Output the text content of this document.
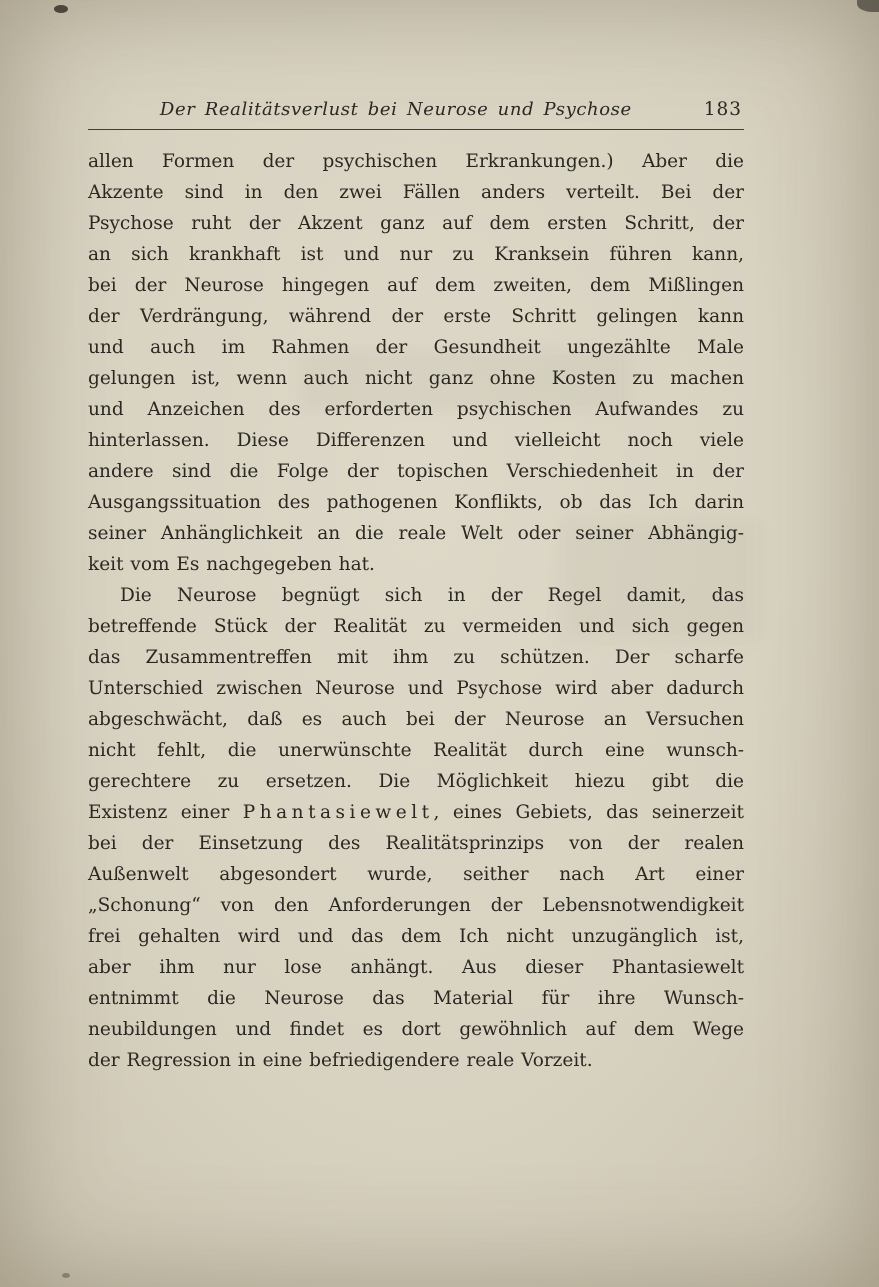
Der Realitätsverlust bei Neurose und Psychose	183
allen Formen der psychischen Erkrankungen.) Aber die
Akzente sind in den zwei Fällen anders verteilt. Bei der
Psychose ruht der Akzent ganz auf dem ersten Schritt, der
an sich krankhaft ist und nur zu Kranksein führen kann,
bei der Neurose hingegen auf dem zweiten, dem Mißlingen
der Verdrängung, während der erste Schritt gelingen kann
und auch im Rahmen der Gesundheit ungezählte Male
gelungen ist, wenn auch nicht ganz ohne Kosten zu machen
und Anzeichen des erforderten psychischen Aufwandes zu
hinterlassen. Diese Differenzen und vielleicht noch viele
andere sind die Folge der topischen Verschiedenheit in der
Ausgangssituation des pathogenen Konflikts, ob das Ich darin
seiner Anhänglichkeit an die reale Welt oder seiner Abhängig-
keit vom Es nachgegeben hat.
Die Neurose begnügt sich in der Regel damit, das
betreffende Stück der Realität zu vermeiden und sich gegen
das Zusammentreffen mit ihm zu schützen. Der scharfe
Unterschied zwischen Neurose und Psychose wird aber dadurch
abgeschwächt, daß es auch bei der Neurose an Versuchen
nicht fehlt, die unerwünschte Realität durch eine wunsch-
gerechtere zu ersetzen. Die Möglichkeit hiezu gibt die
Existenz einer Phantasiewelt, eines Gebiets, das seinerzeit
bei der Einsetzung des Realitätsprinzips von der realen
Außenwelt abgesondert wurde, seither nach Art einer
„Schonung“ von den Anforderungen der Lebensnotwendigkeit
frei gehalten wird und das dem Ich nicht unzugänglich ist,
aber ihm nur lose anhängt. Aus dieser Phantasiewelt
entnimmt die Neurose das Material für ihre Wunsch-
neubildungen und findet es dort gewöhnlich auf dem Wege
der Regression in eine befriedigendere reale Vorzeit.
